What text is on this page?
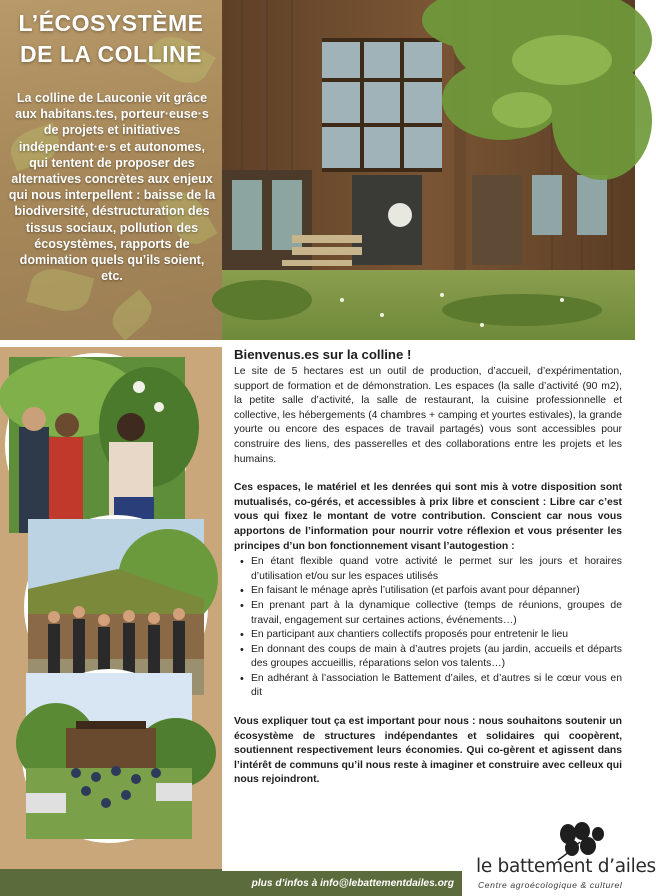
L’ÉCOSYSTÈME
DE LA COLLINE

La colline de Lauconie vit grâce aux habitans.tes, porteur·euse·s de projets et initiatives indépendant·e·s et autonomes, qui tentent de proposer des alternatives concrètes aux enjeux qui nous interpellent : baisse de la biodiversité, déstructuration des tissus sociaux, pollution des écosystèmes, rapports de domination quels qu’ils soient, etc.

Bienvenus.es sur la colline !

Le site de 5 hectares est un outil de production, d’accueil, d’expérimentation, support de formation et de démonstration. Les espaces (la salle d’activité (90 m2), la petite salle d’activité, la salle de restaurant, la cuisine professionnelle et collective, les hébergements (4 chambres + camping et yourtes estivales), la grande yourte ou encore des espaces de travail partagés) vous sont accessibles pour construire des liens, des passerelles et des collaborations entre les projets et les humains.

Ces espaces, le matériel et les denrées qui sont mis à votre disposition sont mutualisés, co-gérés, et accessibles à prix libre et conscient : Libre car c’est vous qui fixez le montant de votre contribution. Conscient car nous vous apportons de l’information pour nourrir votre réflexion et vous présenter les principes d’un bon fonctionnement visant l’autogestion :

• En étant flexible quand votre activité le permet sur les jours et horaires d’utilisation et/ou sur les espaces utilisés
• En faisant le ménage après l’utilisation (et parfois avant pour dépanner)
• En prenant part à la dynamique collective (temps de réunions, groupes de travail, engagement sur certaines actions, événements…)
• En participant aux chantiers collectifs proposés pour entretenir le lieu
• En donnant des coups de main à d’autres projets (au jardin, accueils et départs des groupes accueillis, réparations selon vos talents…)
• En adhérant à l’association le Battement d’ailes, et d’autres si le cœur vous en dit

Vous expliquer tout ça est important pour nous : nous souhaitons soutenir un écosystème de structures indépendantes et solidaires qui coopèrent, soutiennent respectivement leurs économies. Qui co-gèrent et agissent dans l’intérêt de communs qu’il nous reste à imaginer et construire avec celleux qui nous rejoindront.

plus d’infos à info@lebattementdailes.org
le battement d’ailes
Centre agroécologique & culturel
